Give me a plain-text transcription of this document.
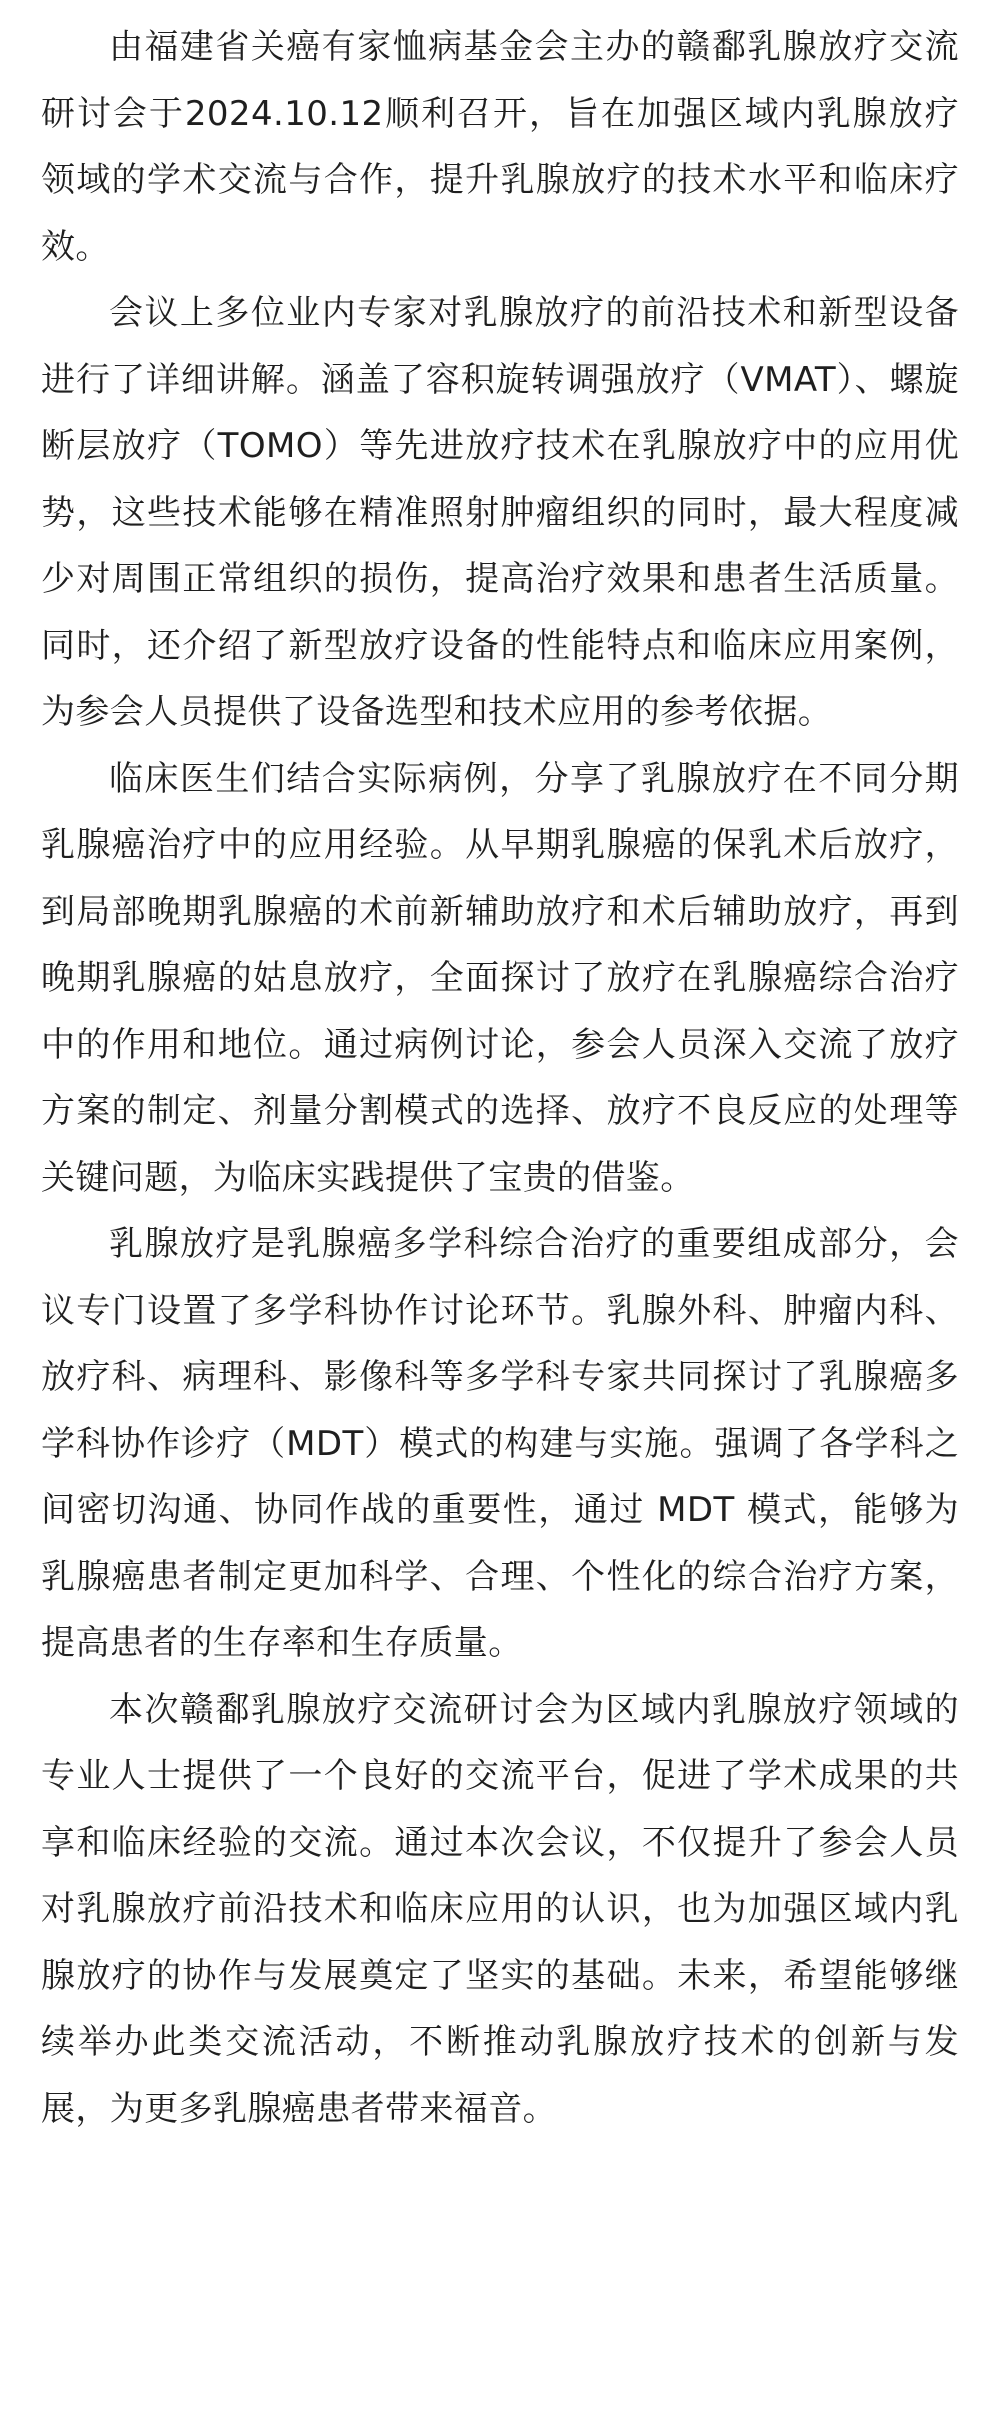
由福建省关癌有家恤病基金会主办的赣鄱乳腺放疗交流研讨会于2024.10.12顺利召开，旨在加强区域内乳腺放疗领域的学术交流与合作，提升乳腺放疗的技术水平和临床疗效。

会议上多位业内专家对乳腺放疗的前沿技术和新型设备进行了详细讲解。涵盖了容积旋转调强放疗（VMAT）、螺旋断层放疗（TOMO）等先进放疗技术在乳腺放疗中的应用优势，这些技术能够在精准照射肿瘤组织的同时，最大程度减少对周围正常组织的损伤，提高治疗效果和患者生活质量。同时，还介绍了新型放疗设备的性能特点和临床应用案例，为参会人员提供了设备选型和技术应用的参考依据。

临床医生们结合实际病例，分享了乳腺放疗在不同分期乳腺癌治疗中的应用经验。从早期乳腺癌的保乳术后放疗，到局部晚期乳腺癌的术前新辅助放疗和术后辅助放疗，再到晚期乳腺癌的姑息放疗，全面探讨了放疗在乳腺癌综合治疗中的作用和地位。通过病例讨论，参会人员深入交流了放疗方案的制定、剂量分割模式的选择、放疗不良反应的处理等关键问题，为临床实践提供了宝贵的借鉴。

乳腺放疗是乳腺癌多学科综合治疗的重要组成部分，会议专门设置了多学科协作讨论环节。乳腺外科、肿瘤内科、放疗科、病理科、影像科等多学科专家共同探讨了乳腺癌多学科协作诊疗（MDT）模式的构建与实施。强调了各学科之间密切沟通、协同作战的重要性，通过 MDT 模式，能够为乳腺癌患者制定更加科学、合理、个性化的综合治疗方案，提高患者的生存率和生存质量。

本次赣鄱乳腺放疗交流研讨会为区域内乳腺放疗领域的专业人士提供了一个良好的交流平台，促进了学术成果的共享和临床经验的交流。通过本次会议，不仅提升了参会人员对乳腺放疗前沿技术和临床应用的认识，也为加强区域内乳腺放疗的协作与发展奠定了坚实的基础。未来，希望能够继续举办此类交流活动，不断推动乳腺放疗技术的创新与发展，为更多乳腺癌患者带来福音。
